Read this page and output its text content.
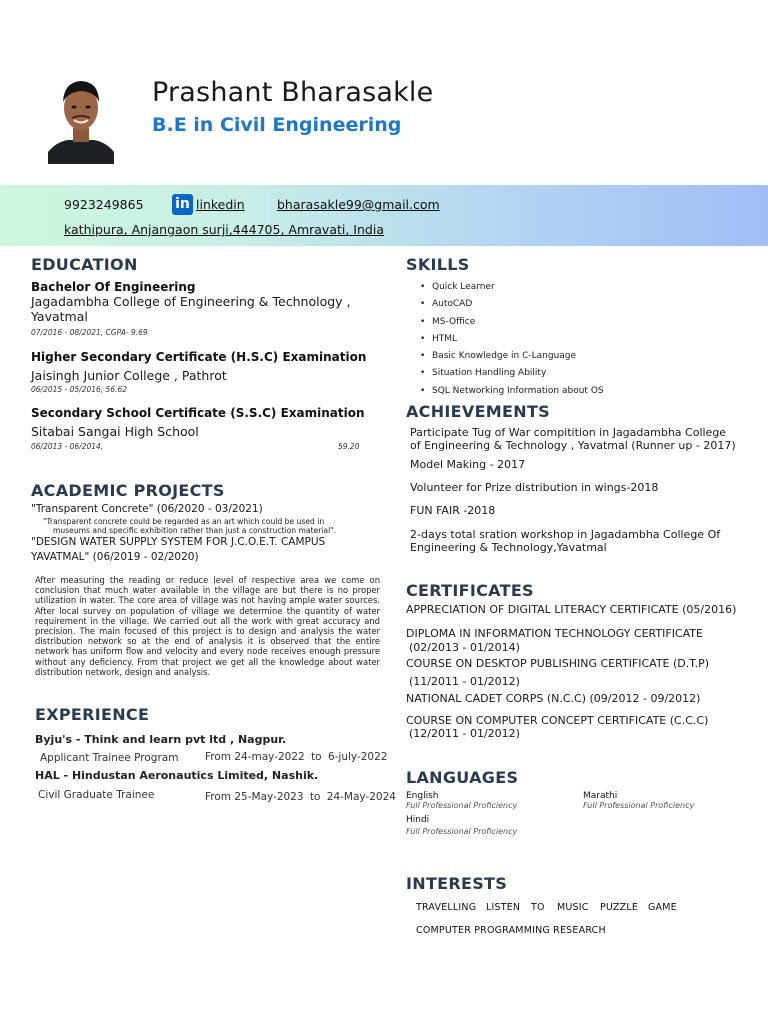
Prashant Bharasakle
B.E in Civil Engineering
9923249865 in linkedin	bharasakle99@gmail.com
kathipura, Anjangaon surji,444705, Amravati, India
EDUCATION
Bachelor Of Engineering
Jagadambha College of Engineering & Technology ,
Yavatmal
07/2016 - 08/2021, CGPA- 9.69
Higher Secondary Certificate (H.S.C) Examination
Jaisingh Junior College , Pathrot
06/2015 - 05/2016, 56.62
Secondary School Certificate (S.S.C) Examination
Sitabai Sangai High School
06/2013 - 06/2014,	59.20
ACADEMIC PROJECTS
"Transparent Concrete" (06/2020 - 03/2021)
"Transparent concrete could be regarded as an art which could be used in
museums and specific exhibition rather than just a construction material".
"DESIGN WATER SUPPLY SYSTEM FOR J.C.O.E.T. CAMPUS
YAVATMAL" (06/2019 - 02/2020)
After measuring the reading or reduce level of respective area we come on conclusion that much water available in the village are but there is no proper utilization in water. The core area of village was not having ample water sources. After local survey on population of village we determine the quantity of water requirement in the village. We carried out all the work with great accuracy and precision. The main focused of this project is to design and analysis the water distribution network so at the end of analysis it is observed that the entire network has uniform flow and velocity and every node receives enough pressure without any deficiency. From that project we get all the knowledge about water distribution network, design and analysis.
EXPERIENCE
Byju's - Think and learn pvt ltd , Nagpur.
Applicant Trainee Program	From 24-may-2022 to 6-july-2022
HAL - Hindustan Aeronautics Limited, Nashik.
Civil Graduate Trainee	From 25-May-2023 to 24-May-2024
SKILLS
• Quick Learner
• AutoCAD
• MS-Office
• HTML
• Basic Knowledge in C-Language
• Situation Handling Ability
• SQL Networking Information about OS
ACHIEVEMENTS
Participate Tug of War compitition in Jagadambha College
of Engineering & Technology , Yavatmal (Runner up - 2017)
Model Making - 2017
Volunteer for Prize distribution in wings-2018
FUN FAIR -2018
2-days total sration workshop in Jagadambha College Of
Engineering & Technology,Yavatmal
CERTIFICATES
APPRECIATION OF DIGITAL LITERACY CERTIFICATE (05/2016)
DIPLOMA IN INFORMATION TECHNOLOGY CERTIFICATE
(02/2013 - 01/2014)
COURSE ON DESKTOP PUBLISHING CERTIFICATE (D.T.P)
(11/2011 - 01/2012)
NATIONAL CADET CORPS (N.C.C) (09/2012 - 09/2012)
COURSE ON COMPUTER CONCEPT CERTIFICATE (C.C.C)
(12/2011 - 01/2012)
LANGUAGES
English
Full Professional Proficiency
Marathi
Full Professional Proficiency
Hindi
Full Professional Proficiency
INTERESTS
TRAVELLING LISTEN TO MUSIC PUZZLE GAME
COMPUTER PROGRAMMING RESEARCH
